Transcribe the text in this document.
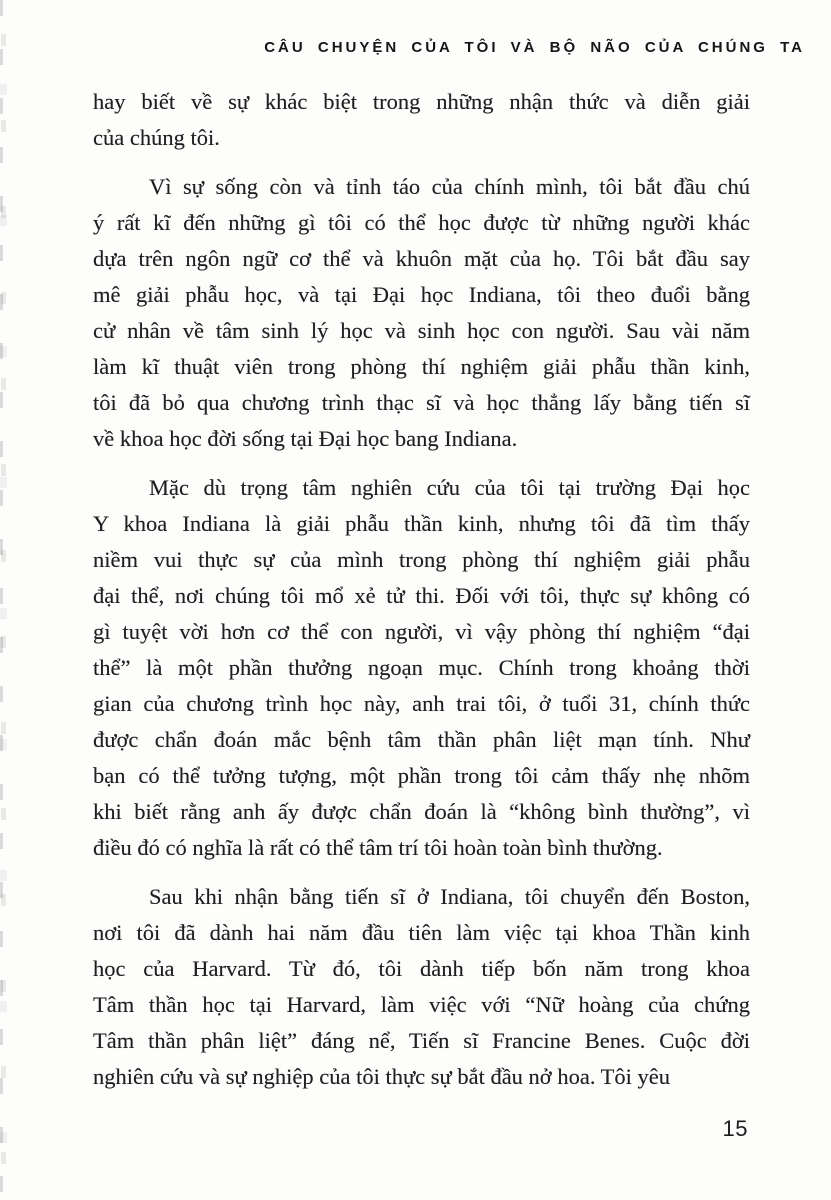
CÂU CHUYỆN CỦA TÔI VÀ BỘ NÃO CỦA CHÚNG TA
hay biết về sự khác biệt trong những nhận thức và diễn giải
của chúng tôi.
Vì sự sống còn và tỉnh táo của chính mình, tôi bắt đầu chú
ý rất kĩ đến những gì tôi có thể học được từ những người khác
dựa trên ngôn ngữ cơ thể và khuôn mặt của họ. Tôi bắt đầu say
mê giải phẫu học, và tại Đại học Indiana, tôi theo đuổi bằng
cử nhân về tâm sinh lý học và sinh học con người. Sau vài năm
làm kĩ thuật viên trong phòng thí nghiệm giải phẫu thần kinh,
tôi đã bỏ qua chương trình thạc sĩ và học thẳng lấy bằng tiến sĩ
về khoa học đời sống tại Đại học bang Indiana.
Mặc dù trọng tâm nghiên cứu của tôi tại trường Đại học
Y khoa Indiana là giải phẫu thần kinh, nhưng tôi đã tìm thấy
niềm vui thực sự của mình trong phòng thí nghiệm giải phẫu
đại thể, nơi chúng tôi mổ xẻ tử thi. Đối với tôi, thực sự không có
gì tuyệt vời hơn cơ thể con người, vì vậy phòng thí nghiệm “đại
thể” là một phần thưởng ngoạn mục. Chính trong khoảng thời
gian của chương trình học này, anh trai tôi, ở tuổi 31, chính thức
được chẩn đoán mắc bệnh tâm thần phân liệt mạn tính. Như
bạn có thể tưởng tượng, một phần trong tôi cảm thấy nhẹ nhõm
khi biết rằng anh ấy được chẩn đoán là “không bình thường”, vì
điều đó có nghĩa là rất có thể tâm trí tôi hoàn toàn bình thường.
Sau khi nhận bằng tiến sĩ ở Indiana, tôi chuyển đến Boston,
nơi tôi đã dành hai năm đầu tiên làm việc tại khoa Thần kinh
học của Harvard. Từ đó, tôi dành tiếp bốn năm trong khoa
Tâm thần học tại Harvard, làm việc với “Nữ hoàng của chứng
Tâm thần phân liệt” đáng nể, Tiến sĩ Francine Benes. Cuộc đời
nghiên cứu và sự nghiệp của tôi thực sự bắt đầu nở hoa. Tôi yêu
15
